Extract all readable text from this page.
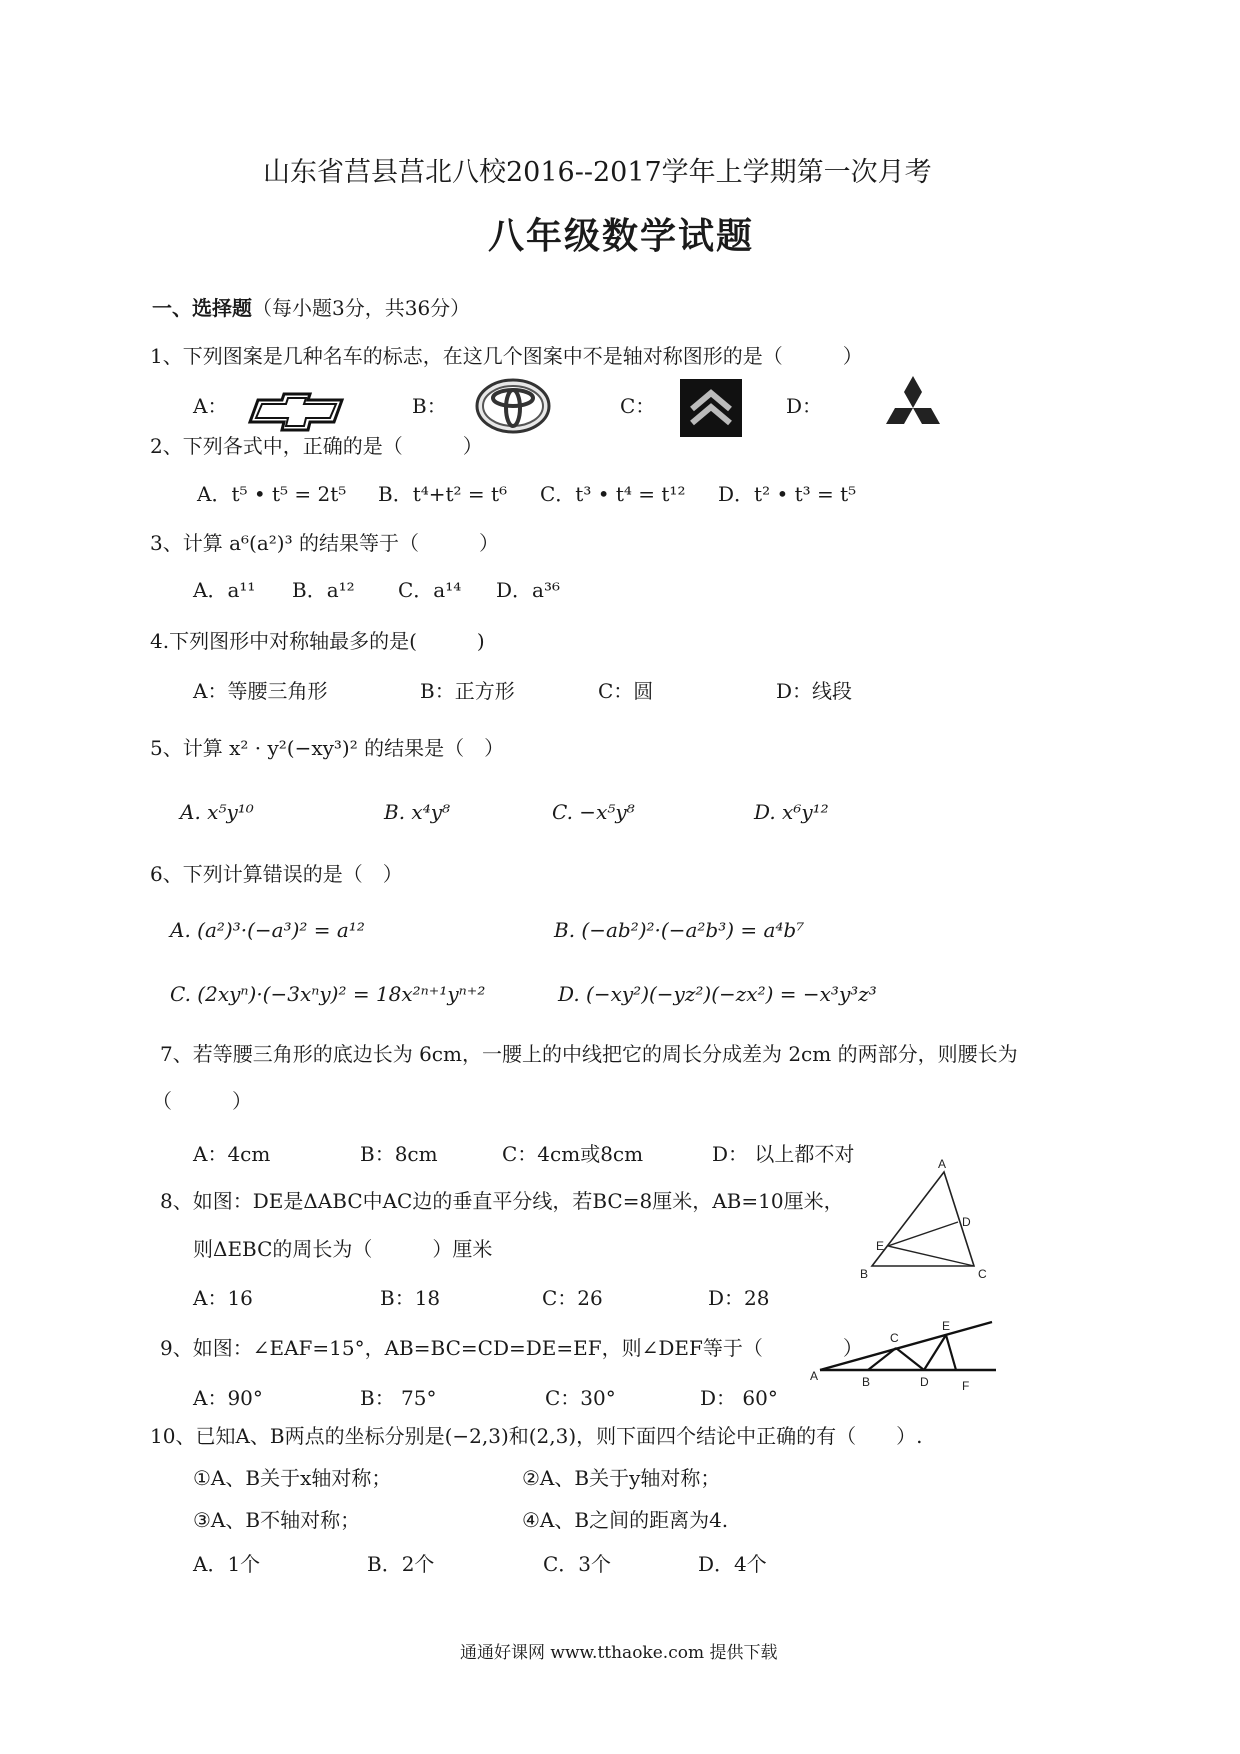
山东省莒县莒北八校2016--2017学年上学期第一次月考
八年级数学试题
一、选择题（每小题3分，共36分）
1、下列图案是几种名车的标志，在这几个图案中不是轴对称图形的是（　　　）
A：	B：	C：	D：
2、下列各式中，正确的是（　　　）
A．t⁵ • t⁵ = 2t⁵ B．t⁴+t² = t⁶ C．t³ • t⁴ = t¹² D．t² • t³ = t⁵
3、计算 a⁶(a²)³ 的结果等于（　　　）
A．a¹¹ B．a¹² C．a¹⁴ D．a³⁶
4.下列图形中对称轴最多的是(　　　)
A：等腰三角形	B：正方形	C：圆	D：线段
5、计算 x² · y²(−xy³)² 的结果是（　）
A. x⁵y¹⁰	B. x⁴y⁸	C. −x⁵y⁸	D. x⁶y¹²
6、下列计算错误的是（　）
A. (a²)³·(−a³)² = a¹²	B. (−ab²)²·(−a²b³) = a⁴b⁷
C. (2xyⁿ)·(−3xⁿy)² = 18x²ⁿ⁺¹yⁿ⁺²	D. (−xy²)(−yz²)(−zx²) = −x³y³z³
7、若等腰三角形的底边长为 6cm，一腰上的中线把它的周长分成差为 2cm 的两部分，则腰长为
（　　　）
A：4cm	B：8cm	C：4cm或8cm	D： 以上都不对
8、如图：DE是ΔABC中AC边的垂直平分线，若BC=8厘米，AB=10厘米，
则ΔEBC的周长为（　　　）厘米
A：16	B：18	C：26	D：28
A
D
E
B	C
9、如图：∠EAF=15°，AB=BC=CD=DE=EF，则∠DEF等于（　　　　）
A：90°	B： 75°	C：30°	D： 60°
A	B
C
D
E
F
10、已知A、B两点的坐标分别是(−2,3)和(2,3)，则下面四个结论中正确的有（　　）.
①A、B关于x轴对称；	②A、B关于y轴对称；
③A、B不轴对称；	④A、B之间的距离为4.
A．1个	B．2个	C．3个	D．4个
通通好课网 www.tthaoke.com 提供下载
